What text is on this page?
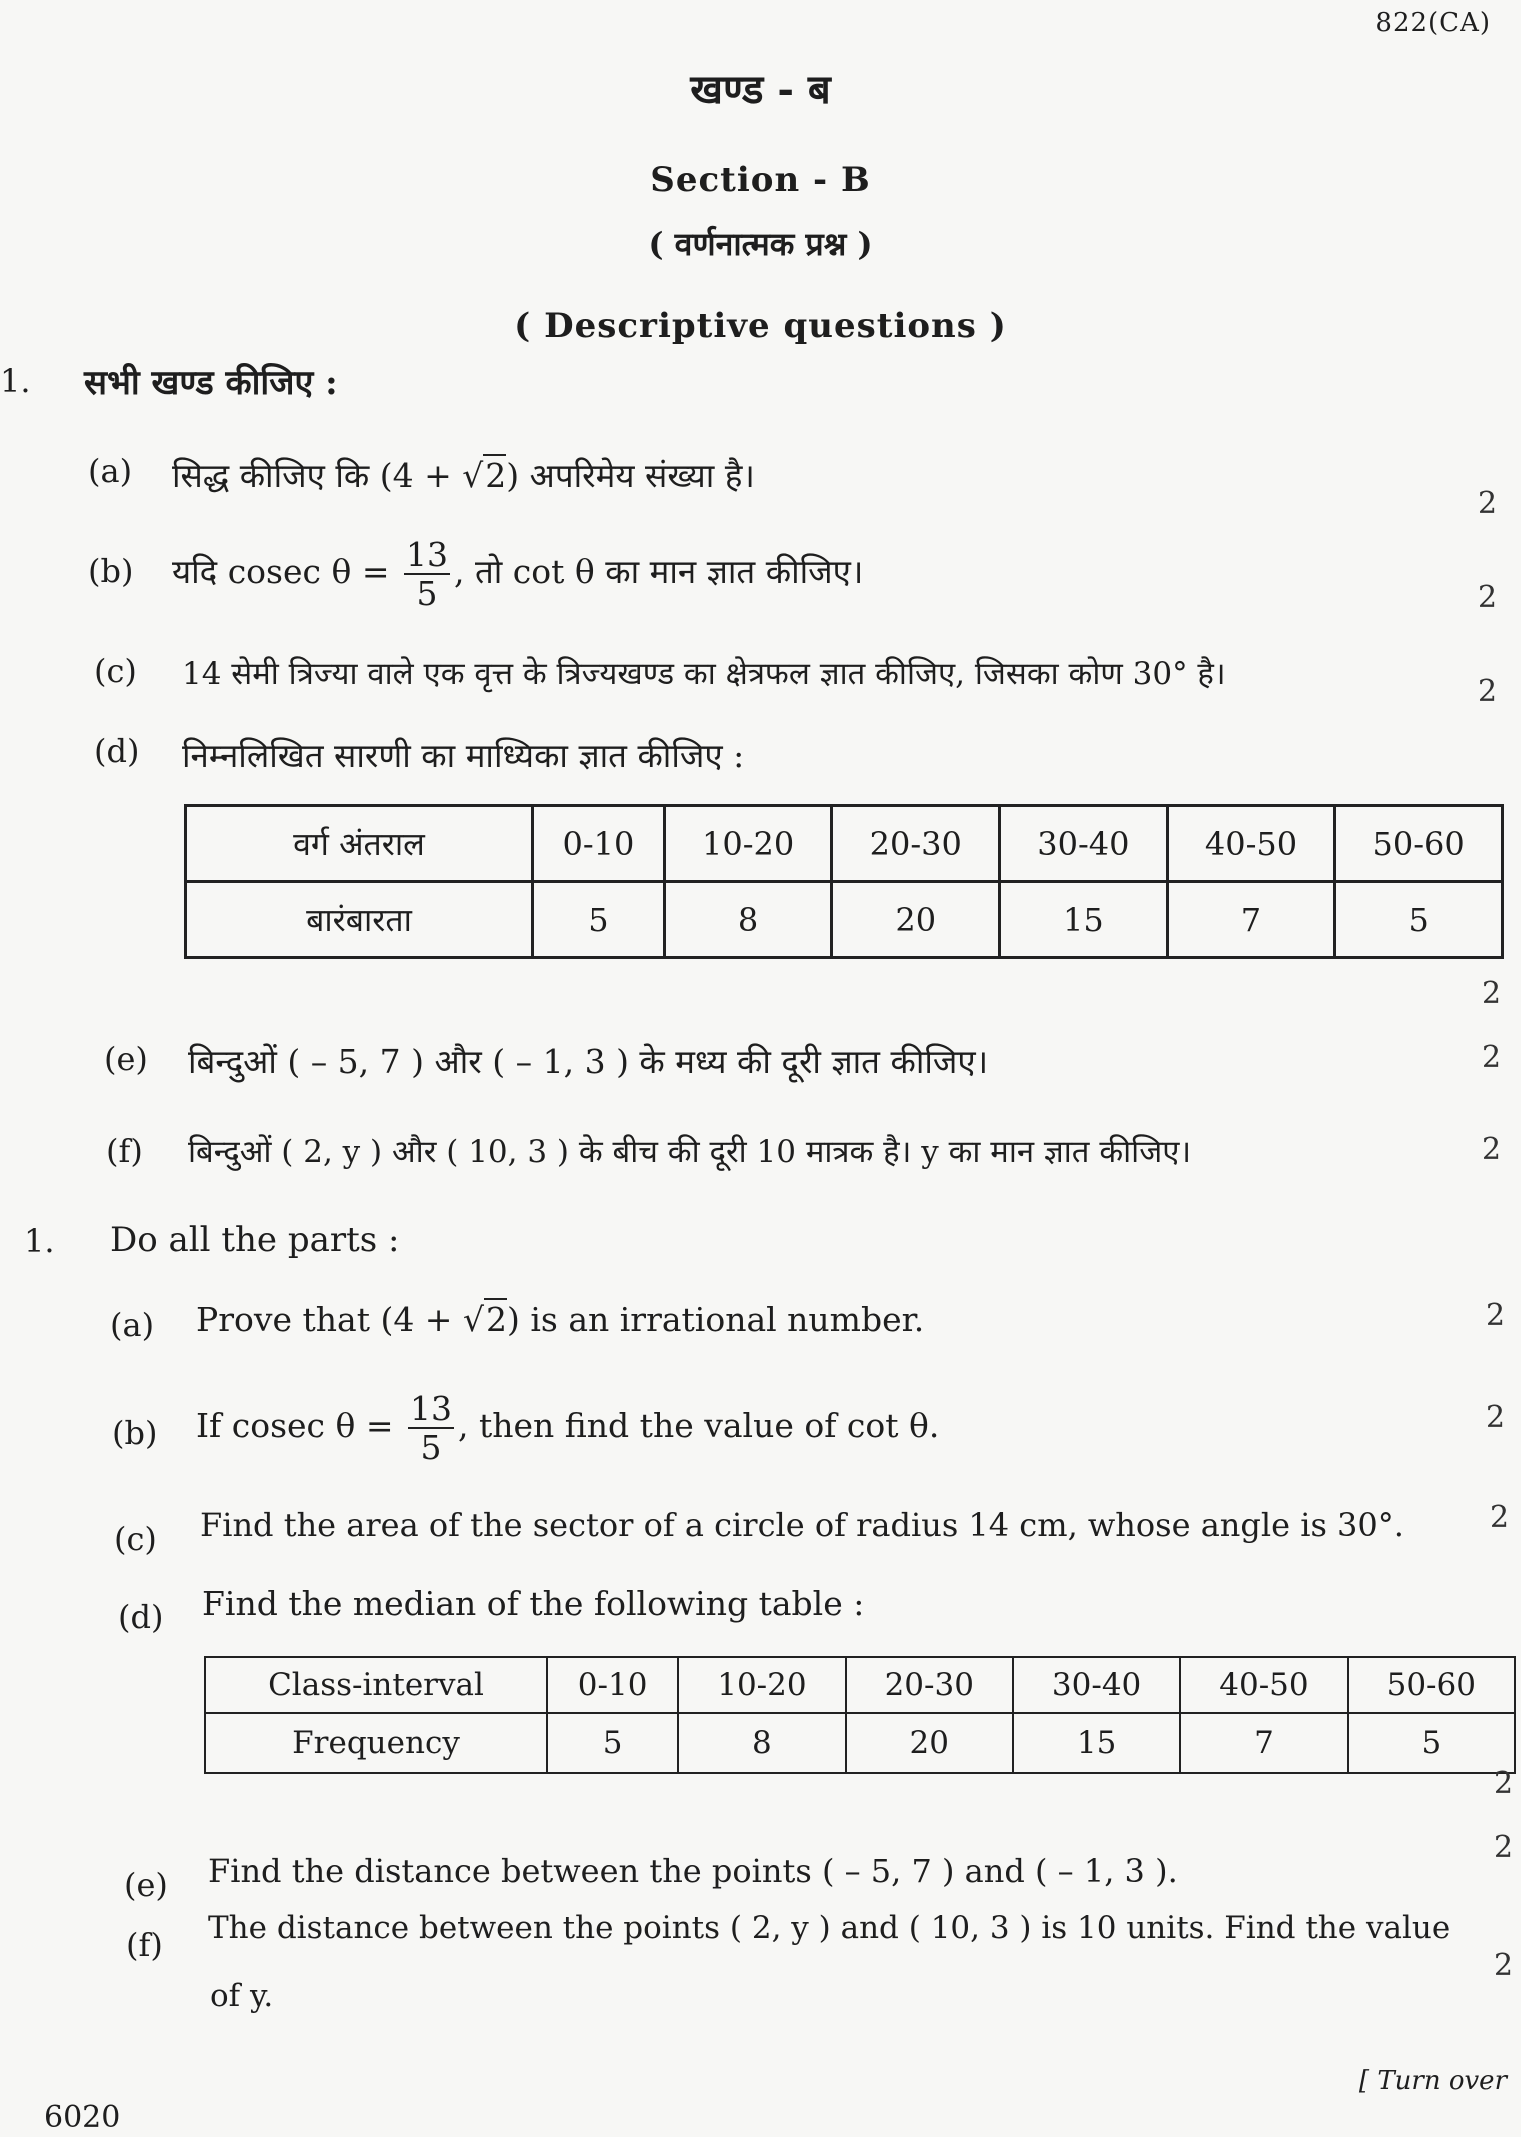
822(CA)
खण्ड - ब
Section - B
( वर्णनात्मक प्रश्न )
( Descriptive questions )
1. सभी खण्ड कीजिए :
(a) सिद्ध कीजिए कि (4 + √2) अपरिमेय संख्या है।
2
(b) यदि cosec $\theta = \frac{13}{5}$ , तो cot θ का मान ज्ञात कीजिए।
2
(c) 14 सेमी त्रिज्या वाले एक वृत्त के त्रिज्यखण्ड का क्षेत्रफल ज्ञात कीजिए, जिसका कोण 30° है।	2
(d) निम्नलिखित सारणी का माध्यिका ज्ञात कीजिए :
वर्ग अंतराल	0-10	10-20	20-30	30-40	40-50	50-60
बारंबारता	5	8	20	15	7	5
2
(e) बिन्दुओं ( – 5, 7 ) और ( – 1, 3 ) के मध्य की दूरी ज्ञात कीजिए।	2
(f) बिन्दुओं ( 2, y ) और ( 10, 3 ) के बीच की दूरी 10 मात्रक है। y का मान ज्ञात कीजिए।	2
1. Do all the parts :
(a) Prove that (4 + √2) is an irrational number.	2
(b) If cosec $\theta = \frac{13}{5}$ , then find the value of cot θ.	2
(c) Find the area of the sector of a circle of radius 14 cm, whose angle is 30°.	2
(d) Find the median of the following table :
Class-interval	0-10	10-20	20-30	30-40	40-50	50-60
Frequency	5	8	20	15	7	5
2
(e) Find the distance between the points ( – 5, 7 ) and ( – 1, 3 ).
2
(f) The distance between the points ( 2, y ) and ( 10, 3 ) is 10 units. Find the value
of y.
2
[ Turn over
6020
